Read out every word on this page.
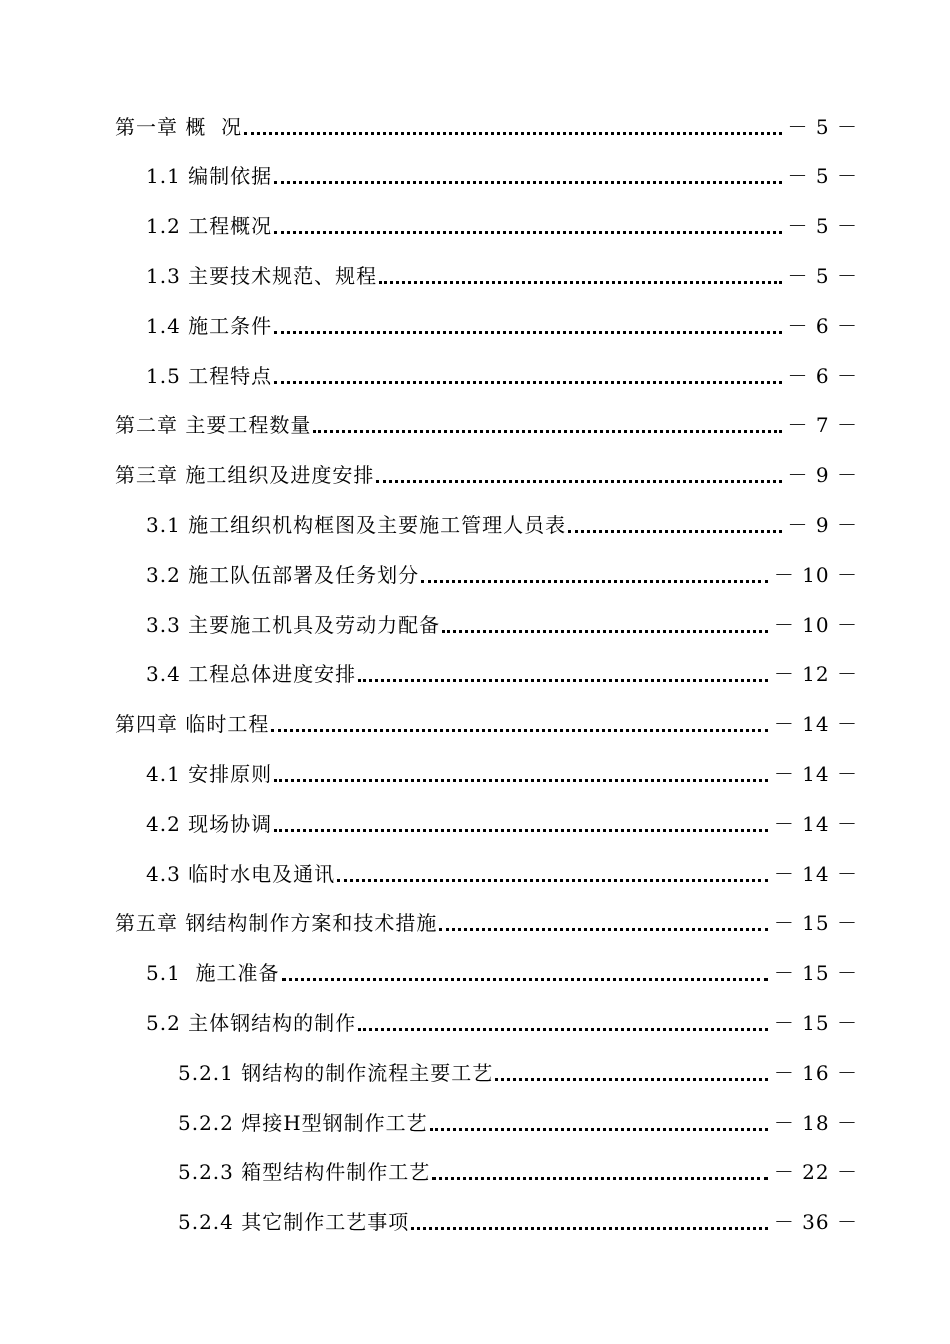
第一章 概  况	－ 5 －
1.1 编制依据	－ 5 －
1.2 工程概况	－ 5 －
1.3 主要技术规范、规程	－ 5 －
1.4 施工条件	－ 6 －
1.5 工程特点	－ 6 －
第二章 主要工程数量	－ 7 －
第三章 施工组织及进度安排	－ 9 －
3.1 施工组织机构框图及主要施工管理人员表	－ 9 －
3.2 施工队伍部署及任务划分	－ 10 －
3.3 主要施工机具及劳动力配备	－ 10 －
3.4 工程总体进度安排	－ 12 －
第四章 临时工程	－ 14 －
4.1 安排原则	－ 14 －
4.2 现场协调	－ 14 －
4.3 临时水电及通讯	－ 14 －
第五章 钢结构制作方案和技术措施	－ 15 －
5.1  施工准备	－ 15 －
5.2 主体钢结构的制作	－ 15 －
5.2.1 钢结构的制作流程主要工艺	－ 16 －
5.2.2 焊接H型钢制作工艺	－ 18 －
5.2.3 箱型结构件制作工艺	－ 22 －
5.2.4 其它制作工艺事项	－ 36 －
